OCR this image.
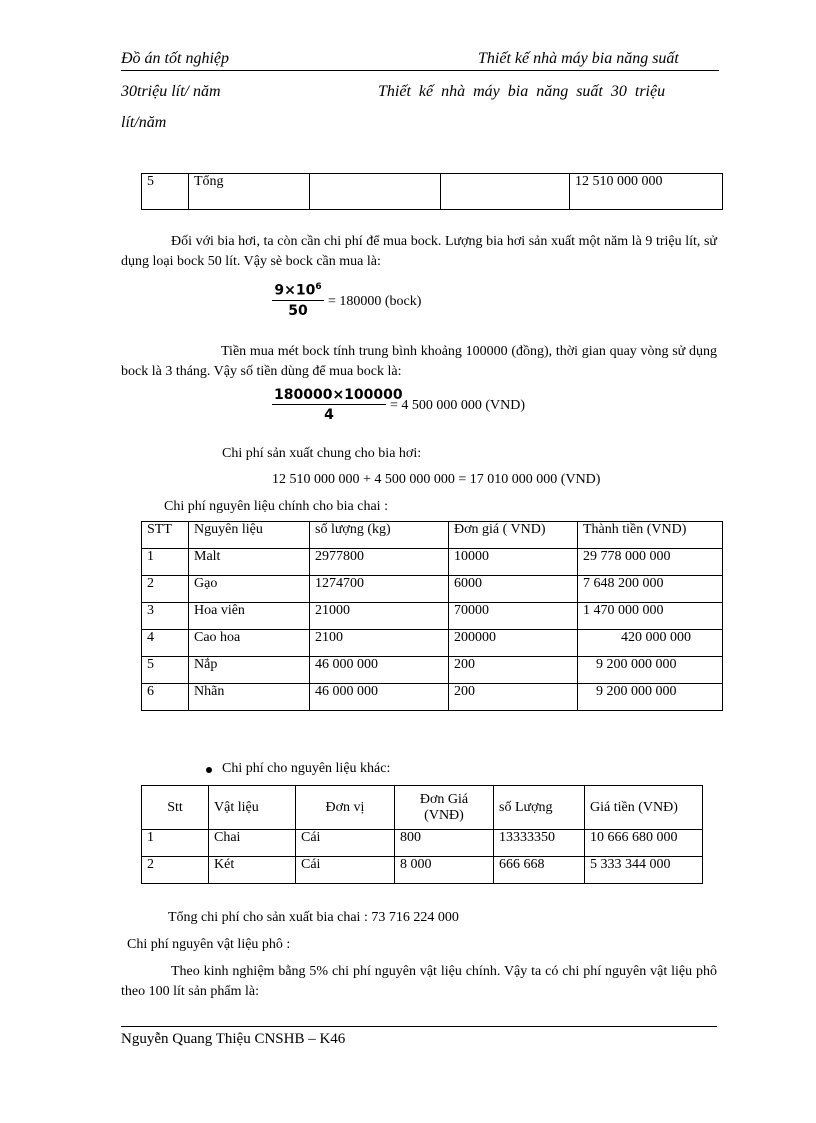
Đồ án tốt nghiệp	Thiết kế nhà máy bia năng suất
30triệu lít/ năm	Thiết kế nhà máy bia năng suất 30 triệu
lít/năm
5	Tổng			12 510 000 000
Đối với bia hơi, ta còn cần chi phí để mua bock. Lượng bia hơi sản xuất một năm là 9 triệu lít, sử dụng loại bock 50 lít. Vậy sè bock cần mua là:
$\frac{9\times 10^6}{50} = 180000$ (bock)
Tiền mua mét bock tính trung bình khoảng 100000 (đồng), thời gian quay vòng sử dụng bock là 3 tháng. Vậy số tiền dùng để mua bock là:
$\frac{180000\times 100000}{4} = 4$ 500 000 000 (VND)
Chi phí sản xuất chung cho bia hơi:
12 510 000 000 + 4 500 000 000 = 17 010 000 000 (VND)
Chi phí nguyên liệu chính cho bia chai :
STT	Nguyên liệu	số lượng (kg)	Đơn giá ( VND)	Thành tiền (VND)
1	Malt	2977800	10000	29 778 000 000
2	Gạo	1274700	6000	7 648 200 000
3	Hoa viên	21000	70000	1 470 000 000
4	Cao hoa	2100	200000	420 000 000
5	Nắp	46 000 000	200	9 200 000 000
6	Nhãn	46 000 000	200	9 200 000 000
Chi phí cho nguyên liệu khác:
Stt	Vật liệu	Đơn vị	Đơn Giá (VNĐ)	số Lượng	Giá tiền (VNĐ)
1	Chai	Cái	800	13333350	10 666 680 000
2	Két	Cái	8 000	666 668	5 333 344 000
Tổng chi phí cho sản xuất bia chai : 73 716 224 000
Chi phí nguyên vật liệu phô :
Theo kinh nghiệm bằng 5% chi phí nguyên vật liệu chính. Vậy ta có chi phí nguyên vật liệu phô theo 100 lít sản phẩm là:
Nguyễn Quang Thiệu CNSHB – K46
